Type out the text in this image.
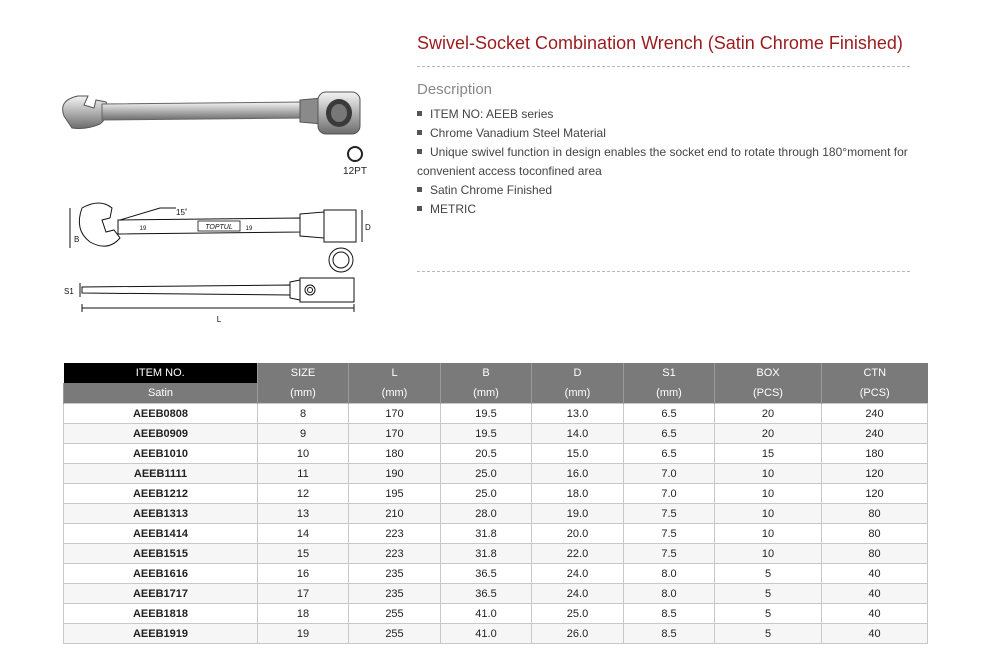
12PT
TOPTUL
19	19
15˚
B
D
S1
L
Swivel-Socket Combination Wrench (Satin Chrome Finished)
Description
ITEM NO: AEEB series
Chrome Vanadium Steel Material
Unique swivel function in design enables the socket end to rotate through 180°moment for convenient access toconfined area
Satin Chrome Finished
METRIC
ITEM NO.	SIZE	L	B	D	S1	BOX	CTN
Satin	(mm)	(mm)	(mm)	(mm)	(mm)	(PCS)	(PCS)
AEEB0808	8	170	19.5	13.0	6.5	20	240
AEEB0909	9	170	19.5	14.0	6.5	20	240
AEEB1010	10	180	20.5	15.0	6.5	15	180
AEEB1111	11	190	25.0	16.0	7.0	10	120
AEEB1212	12	195	25.0	18.0	7.0	10	120
AEEB1313	13	210	28.0	19.0	7.5	10	80
AEEB1414	14	223	31.8	20.0	7.5	10	80
AEEB1515	15	223	31.8	22.0	7.5	10	80
AEEB1616	16	235	36.5	24.0	8.0	5	40
AEEB1717	17	235	36.5	24.0	8.0	5	40
AEEB1818	18	255	41.0	25.0	8.5	5	40
AEEB1919	19	255	41.0	26.0	8.5	5	40
